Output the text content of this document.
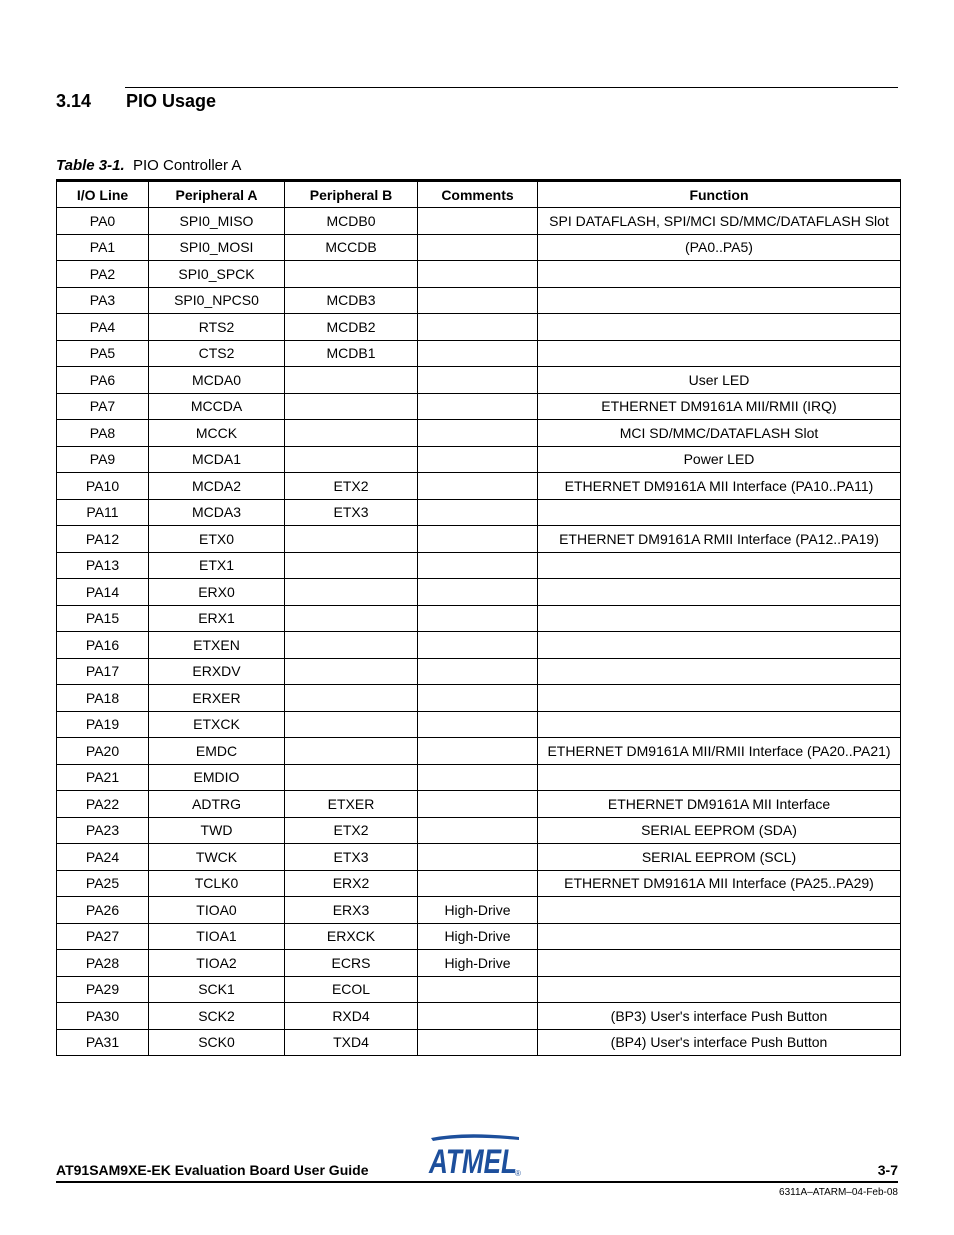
3.14 PIO Usage
Table 3-1. PIO Controller A
I/O Line	Peripheral A	Peripheral B	Comments	Function
PA0	SPI0_MISO	MCDB0		SPI DATAFLASH, SPI/MCI SD/MMC/DATAFLASH Slot
PA1	SPI0_MOSI	MCCDB		(PA0..PA5)
PA2	SPI0_SPCK			
PA3	SPI0_NPCS0	MCDB3		
PA4	RTS2	MCDB2		
PA5	CTS2	MCDB1		
PA6	MCDA0			User LED
PA7	MCCDA			ETHERNET DM9161A MII/RMII (IRQ)
PA8	MCCK			MCI SD/MMC/DATAFLASH Slot
PA9	MCDA1			Power LED
PA10	MCDA2	ETX2		ETHERNET DM9161A MII Interface (PA10..PA11)
PA11	MCDA3	ETX3		
PA12	ETX0			ETHERNET DM9161A RMII Interface (PA12..PA19)
PA13	ETX1			
PA14	ERX0			
PA15	ERX1			
PA16	ETXEN			
PA17	ERXDV			
PA18	ERXER			
PA19	ETXCK			
PA20	EMDC			ETHERNET DM9161A MII/RMII Interface (PA20..PA21)
PA21	EMDIO			
PA22	ADTRG	ETXER		ETHERNET DM9161A MII Interface
PA23	TWD	ETX2		SERIAL EEPROM (SDA)
PA24	TWCK	ETX3		SERIAL EEPROM (SCL)
PA25	TCLK0	ERX2		ETHERNET DM9161A MII Interface (PA25..PA29)
PA26	TIOA0	ERX3	High-Drive	
PA27	TIOA1	ERXCK	High-Drive	
PA28	TIOA2	ECRS	High-Drive	
PA29	SCK1	ECOL		
PA30	SCK2	RXD4		(BP3) User's interface Push Button
PA31	SCK0	TXD4		(BP4) User's interface Push Button
ATMEL
®
AT91SAM9XE-EK Evaluation Board User Guide	3-7
6311A–ATARM–04-Feb-08
